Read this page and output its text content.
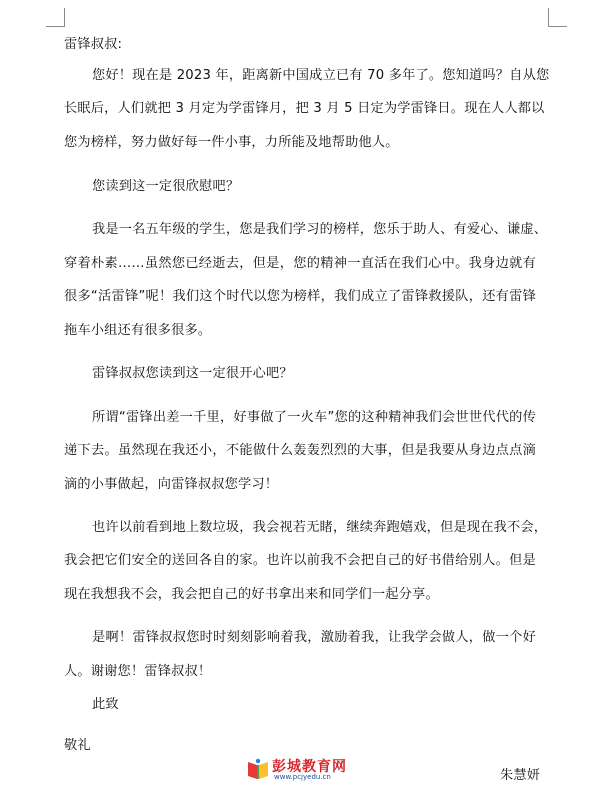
雷锋叔叔:
您好！现在是 2023 年，距离新中国成立已有 70 多年了。您知道吗？自从您
长眠后，人们就把 3 月定为学雷锋月，把 3 月 5 日定为学雷锋日。现在人人都以
您为榜样，努力做好每一件小事，力所能及地帮助他人。
您读到这一定很欣慰吧？
我是一名五年级的学生，您是我们学习的榜样，您乐于助人、有爱心、谦虚、
穿着朴素……虽然您已经逝去，但是，您的精神一直活在我们心中。我身边就有
很多“活雷锋”呢！我们这个时代以您为榜样，我们成立了雷锋救援队，还有雷锋
拖车小组还有很多很多。
雷锋叔叔您读到这一定很开心吧？
所谓“雷锋出差一千里，好事做了一火车”您的这种精神我们会世世代代的传
递下去。虽然现在我还小，不能做什么轰轰烈烈的大事，但是我要从身边点点滴
滴的小事做起，向雷锋叔叔您学习！
也许以前看到地上数垃圾，我会视若无睹，继续奔跑嬉戏，但是现在我不会，
我会把它们安全的送回各自的家。也许以前我不会把自己的好书借给别人。但是
现在我想我不会，我会把自己的好书拿出来和同学们一起分享。
是啊！雷锋叔叔您时时刻刻影响着我，激励着我，让我学会做人，做一个好
人。谢谢您！雷锋叔叔！
此致
敬礼
朱慧妍
彭城教育网
www.pcjyedu.cn
